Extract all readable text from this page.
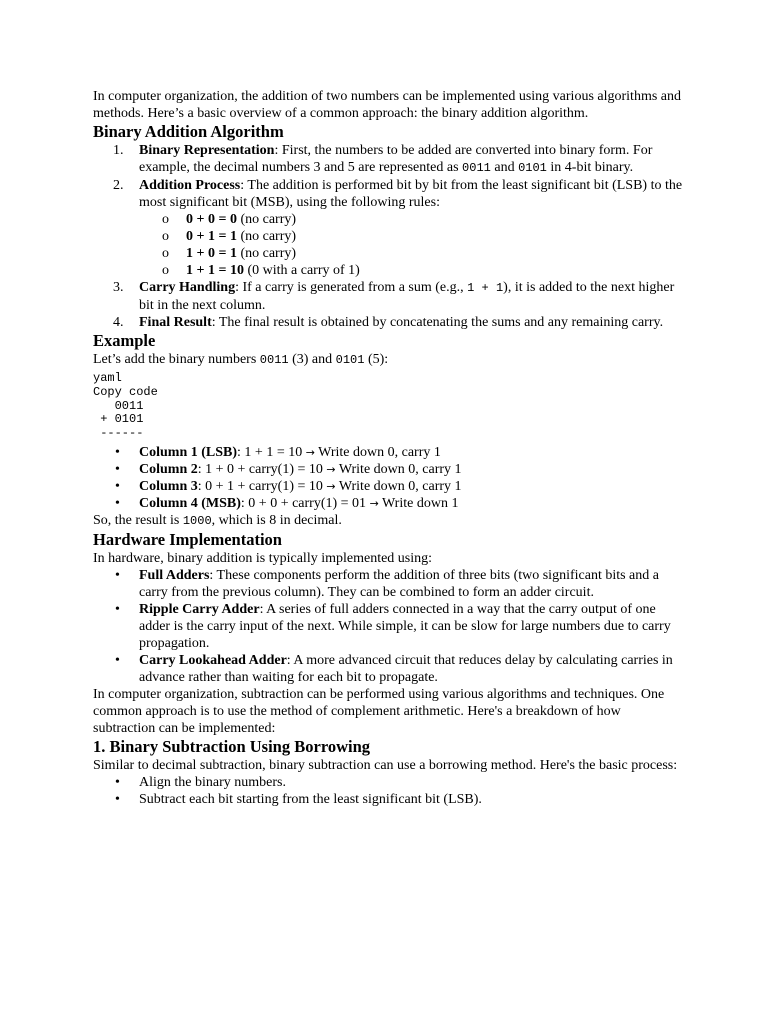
In computer organization, the addition of two numbers can be implemented using various algorithms and methods. Here’s a basic overview of a common approach: the binary addition algorithm.

Binary Addition Algorithm
1. Binary Representation: First, the numbers to be added are converted into binary form. For example, the decimal numbers 3 and 5 are represented as 0011 and 0101 in 4-bit binary.
2. Addition Process: The addition is performed bit by bit from the least significant bit (LSB) to the most significant bit (MSB), using the following rules:
o 0 + 0 = 0 (no carry)
o 0 + 1 = 1 (no carry)
o 1 + 0 = 1 (no carry)
o 1 + 1 = 10 (0 with a carry of 1)
3. Carry Handling: If a carry is generated from a sum (e.g., 1 + 1), it is added to the next higher bit in the next column.
4. Final Result: The final result is obtained by concatenating the sums and any remaining carry.
Example

Let’s add the binary numbers 0011 (3) and 0101 (5):

yaml
Copy code
0011
+ 0101
------
• Column 1 (LSB): 1 + 1 = 10 → Write down 0, carry 1
• Column 2: 1 + 0 + carry(1) = 10 → Write down 0, carry 1
• Column 3: 0 + 1 + carry(1) = 10 → Write down 0, carry 1
• Column 4 (MSB): 0 + 0 + carry(1) = 01 → Write down 1

So, the result is 1000, which is 8 in decimal.

Hardware Implementation

In hardware, binary addition is typically implemented using:

• Full Adders: These components perform the addition of three bits (two significant bits and a carry from the previous column). They can be combined to form an adder circuit.
• Ripple Carry Adder: A series of full adders connected in a way that the carry output of one adder is the carry input of the next. While simple, it can be slow for large numbers due to carry propagation.
• Carry Lookahead Adder: A more advanced circuit that reduces delay by calculating carries in advance rather than waiting for each bit to propagate.

In computer organization, subtraction can be performed using various algorithms and techniques. One common approach is to use the method of complement arithmetic. Here's a breakdown of how subtraction can be implemented:

1. Binary Subtraction Using Borrowing

Similar to decimal subtraction, binary subtraction can use a borrowing method. Here's the basic process:

• Align the binary numbers.
• Subtract each bit starting from the least significant bit (LSB).
